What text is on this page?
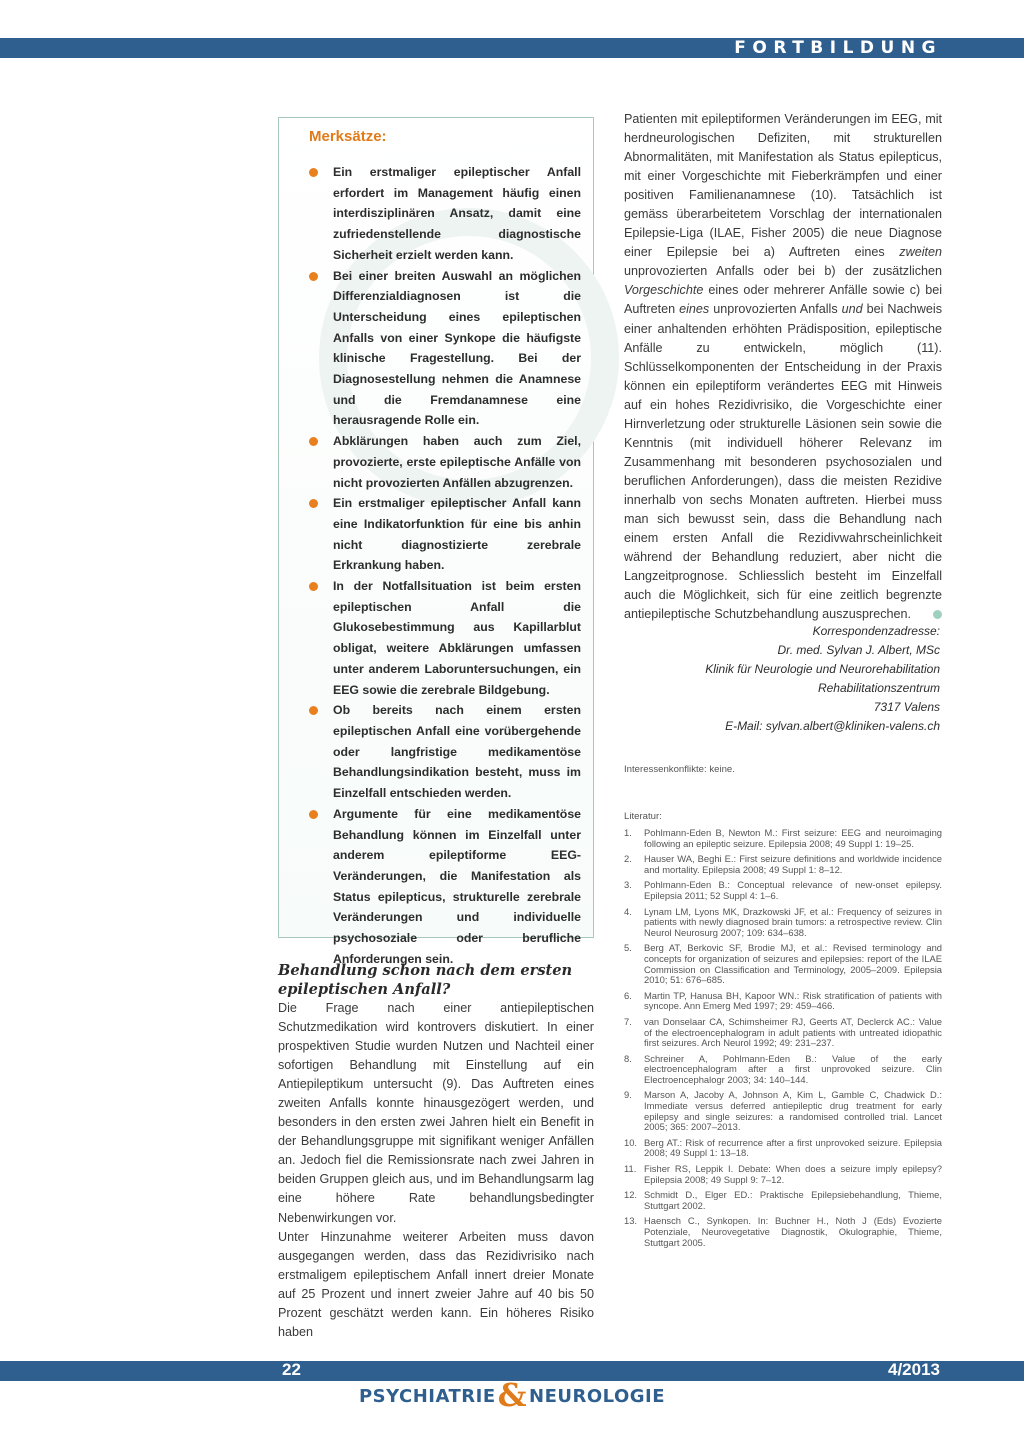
FORTBILDUNG
Merksätze:
Ein erstmaliger epileptischer Anfall erfordert im Management häufig einen interdisziplinären Ansatz, damit eine zufriedenstellende diagnostische Sicherheit erzielt werden kann.
Bei einer breiten Auswahl an möglichen Differenzialdiagnosen ist die Unterscheidung eines epileptischen Anfalls von einer Synkope die häufigste klinische Fragestellung. Bei der Diagnosestellung nehmen die Anamnese und die Fremdanamnese eine herausragende Rolle ein.
Abklärungen haben auch zum Ziel, provozierte, erste epileptische Anfälle von nicht provozierten Anfällen abzugrenzen.
Ein erstmaliger epileptischer Anfall kann eine Indikatorfunktion für eine bis anhin nicht diagnostizierte zerebrale Erkrankung haben.
In der Notfallsituation ist beim ersten epileptischen Anfall die Glukosebestimmung aus Kapillarblut obligat, weitere Abklärungen umfassen unter anderem Laboruntersuchungen, ein EEG sowie die zerebrale Bildgebung.
Ob bereits nach einem ersten epileptischen Anfall eine vorübergehende oder langfristige medikamentöse Behandlungsindikation besteht, muss im Einzelfall entschieden werden.
Argumente für eine medikamentöse Behandlung können im Einzelfall unter anderem epileptiforme EEG-Veränderungen, die Manifestation als Status epilepticus, strukturelle zerebrale Veränderungen und individuelle psychosoziale oder berufliche Anforderungen sein.
Behandlung schon nach dem ersten epileptischen Anfall?

Die Frage nach einer antiepileptischen Schutzmedikation wird kontrovers diskutiert. In einer prospektiven Studie wurden Nutzen und Nachteil einer sofortigen Behandlung mit Einstellung auf ein Antiepileptikum untersucht (9). Das Auftreten eines zweiten Anfalls konnte hinausgezögert werden, und besonders in den ersten zwei Jahren hielt ein Benefit in der Behandlungsgruppe mit signifikant weniger Anfällen an. Jedoch fiel die Remissionsrate nach zwei Jahren in beiden Gruppen gleich aus, und im Behandlungsarm lag eine höhere Rate behandlungsbedingter Nebenwirkungen vor.

Unter Hinzunahme weiterer Arbeiten muss davon ausgegangen werden, dass das Rezidivrisiko nach erstmaligem epileptischem Anfall innert dreier Monate auf 25 Prozent und innert zweier Jahre auf 40 bis 50 Prozent geschätzt werden kann. Ein höheres Risiko haben

Patienten mit epileptiformen Veränderungen im EEG, mit herdneurologischen Defiziten, mit strukturellen Abnormalitäten, mit Manifestation als Status epilepticus, mit einer Vorgeschichte mit Fieberkrämpfen und einer positiven Familienanamnese (10). Tatsächlich ist gemäss überarbeitetem Vorschlag der internationalen Epilepsie-Liga (ILAE, Fisher 2005) die neue Diagnose einer Epilepsie bei a) Auftreten eines zweiten unprovozierten Anfalls oder bei b) der zusätzlichen Vorgeschichte eines oder mehrerer Anfälle sowie c) bei Auftreten eines unprovozierten Anfalls und bei Nachweis einer anhaltenden erhöhten Prädisposition, epileptische Anfälle zu entwickeln, möglich (11). Schlüsselkomponenten der Entscheidung in der Praxis können ein epileptiform verändertes EEG mit Hinweis auf ein hohes Rezidivrisiko, die Vorgeschichte einer Hirnverletzung oder strukturelle Läsionen sein sowie die Kenntnis (mit individuell höherer Relevanz im Zusammenhang mit besonderen psychosozialen und beruflichen Anforderungen), dass die meisten Rezidive innerhalb von sechs Monaten auftreten. Hierbei muss man sich bewusst sein, dass die Behandlung nach einem ersten Anfall die Rezidivwahrscheinlichkeit während der Behandlung reduziert, aber nicht die Langzeitprognose. Schliesslich besteht im Einzelfall auch die Möglichkeit, sich für eine zeitlich begrenzte antiepileptische Schutzbehandlung auszusprechen.

Korrespondenzadresse:
Dr. med. Sylvan J. Albert, MSc
Klinik für Neurologie und Neurorehabilitation
Rehabilitationszentrum
7317 Valens
E-Mail: sylvan.albert@kliniken-valens.ch
Interessenkonflikte: keine.
Literatur:
1. Pohlmann-Eden B, Newton M.: First seizure: EEG and neuroimaging following an epileptic seizure. Epilepsia 2008; 49 Suppl 1: 19–25.
2. Hauser WA, Beghi E.: First seizure definitions and worldwide incidence and mortality. Epilepsia 2008; 49 Suppl 1: 8–12.
3. Pohlmann-Eden B.: Conceptual relevance of new-onset epilepsy. Epilepsia 2011; 52 Suppl 4: 1–6.
4. Lynam LM, Lyons MK, Drazkowski JF, et al.: Frequency of seizures in patients with newly diagnosed brain tumors: a retrospective review. Clin Neurol Neurosurg 2007; 109: 634–638.
5. Berg AT, Berkovic SF, Brodie MJ, et al.: Revised terminology and concepts for organization of seizures and epilepsies: report of the ILAE Commission on Classification and Terminology, 2005–2009. Epilepsia 2010; 51: 676–685.
6. Martin TP, Hanusa BH, Kapoor WN.: Risk stratification of patients with syncope. Ann Emerg Med 1997; 29: 459–466.
7. van Donselaar CA, Schimsheimer RJ, Geerts AT, Declerck AC.: Value of the electroencephalogram in adult patients with untreated idiopathic first seizures. Arch Neurol 1992; 49: 231–237.
8. Schreiner A, Pohlmann-Eden B.: Value of the early electroencephalogram after a first unprovoked seizure. Clin Electroencephalogr 2003; 34: 140–144.
9. Marson A, Jacoby A, Johnson A, Kim L, Gamble C, Chadwick D.: Immediate versus deferred antiepileptic drug treatment for early epilepsy and single seizures: a randomised controlled trial. Lancet 2005; 365: 2007–2013.
10. Berg AT.: Risk of recurrence after a first unprovoked seizure. Epilepsia 2008; 49 Suppl 1: 13–18.
11. Fisher RS, Leppik I. Debate: When does a seizure imply epilepsy? Epilepsia 2008; 49 Suppl 9: 7–12.
12. Schmidt D., Elger ED.: Praktische Epilepsiebehandlung, Thieme, Stuttgart 2002.
13. Haensch C., Synkopen. In: Buchner H., Noth J (Eds) Evozierte Potenziale, Neurovegetative Diagnostik, Okulographie, Thieme, Stuttgart 2005.
22	4/2013
PSYCHIATRIE& NEUROLOGIE
